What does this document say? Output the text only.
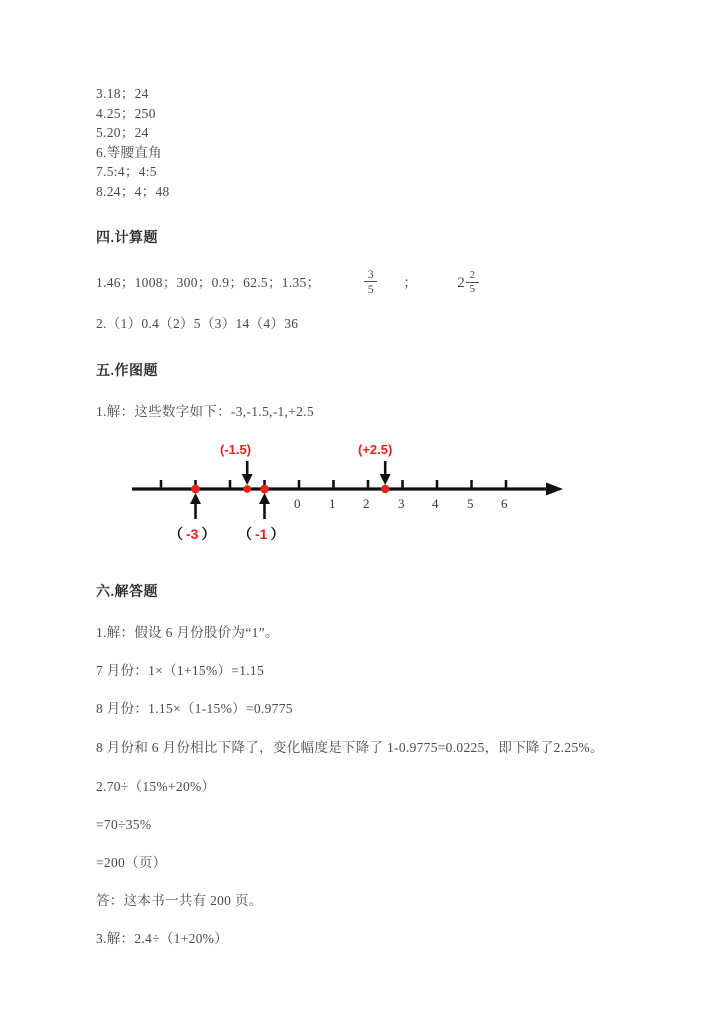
3.18；24
4.25；250
5.20；24
6.等腰直角
7.5:4；4:5
8.24；4；48
四.计算题
1.46；1008；300；0.9；62.5；1.35；	$\frac{3}{5}$ ；	$2 \frac{2}{5}$
2.（1）0.4（2）5（3）14（4）36
五.作图题
1.解：这些数字如下：-3,-1.5,-1,+2.5
(-1.5)	(+2.5)
（ -3 ） （ -1 ）
0 1 2 3 4 5 6
六.解答题
1.解：假设 6 月份股价为“1”。
7 月份：1×（1+15%）=1.15
8 月份：1.15×（1-15%）=0.9775
8 月份和 6 月份相比下降了，变化幅度是下降了 1-0.9775=0.0225，即下降了2.25%。
2.70÷（15%+20%）
=70÷35%
=200（页）
答：这本书一共有 200 页。
3.解：2.4÷（1+20%）
